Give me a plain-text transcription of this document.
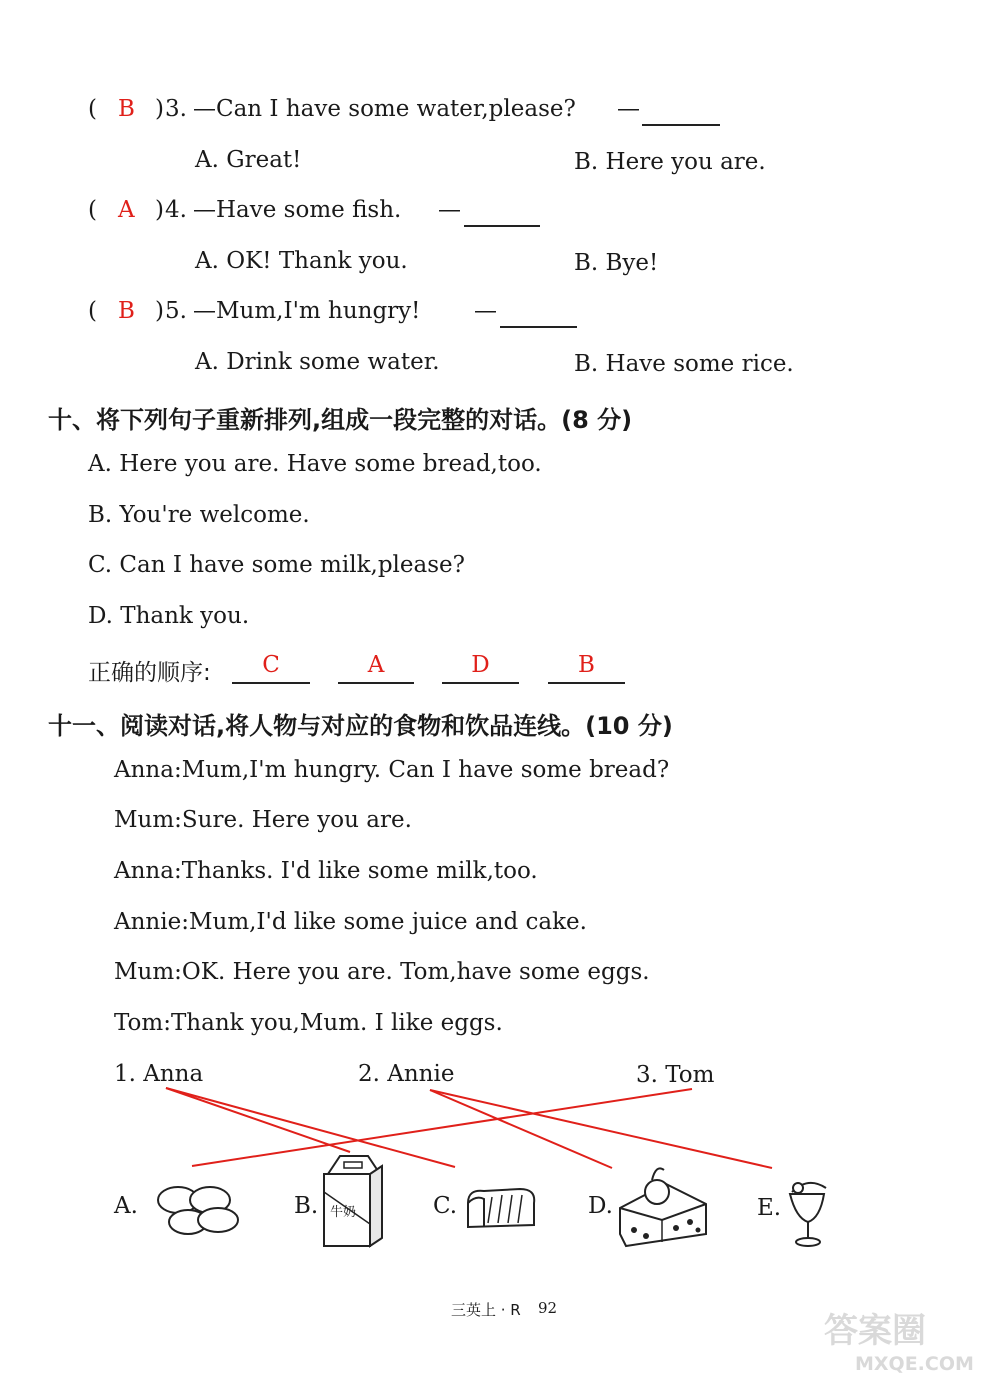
( B ) 3. —Can I have some water,please? —
A. Great!	B. Here you are.
( A ) 4. —Have some fish. —
A. OK! Thank you.	B. Bye!
( B ) 5. —Mum,I'm hungry! —
A. Drink some water.	B. Have some rice.
十、将下列句子重新排列,组成一段完整的对话。(8 分)
A. Here you are. Have some bread,too.
B. You're welcome.
C. Can I have some milk,please?
D. Thank you.
正确的顺序:	C	A	D	B
十一、阅读对话,将人物与对应的食物和饮品连线。(10 分)
Anna:Mum,I'm hungry. Can I have some bread?
Mum:Sure. Here you are.
Anna:Thanks. I'd like some milk,too.
Annie:Mum,I'd like some juice and cake.
Mum:OK. Here you are. Tom,have some eggs.
Tom:Thank you,Mum. I like eggs.
1. Anna	2. Annie	3. Tom
A.	B.	C.	D.	E.
牛奶
三英上 · R 92
答案圈
MXQE.COM
